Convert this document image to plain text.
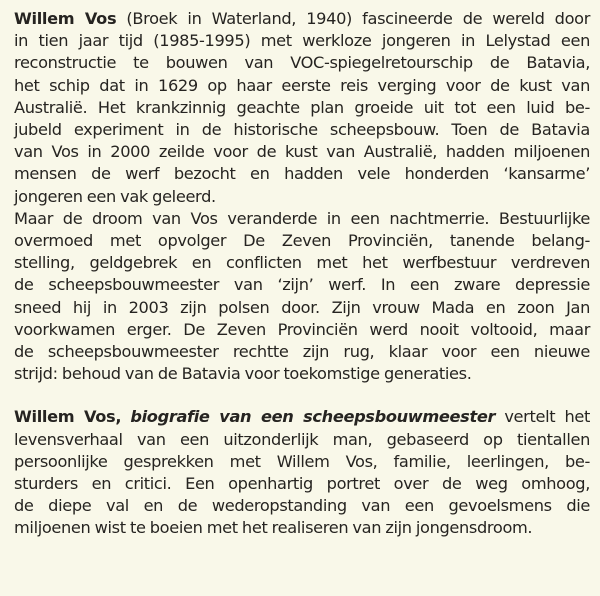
Willem Vos (Broek in Waterland, 1940) fascineerde de wereld door
in tien jaar tijd (1985-1995) met werkloze jongeren in Lelystad een
reconstructie te bouwen van VOC-spiegelretourschip de Batavia,
het schip dat in 1629 op haar eerste reis verging voor de kust van
Australië. Het krankzinnig geachte plan groeide uit tot een luid be-
jubeld experiment in de historische scheepsbouw. Toen de Batavia
van Vos in 2000 zeilde voor de kust van Australië, hadden miljoenen
mensen de werf bezocht en hadden vele honderden ‘kansarme’
jongeren een vak geleerd.

Maar de droom van Vos veranderde in een nachtmerrie. Bestuurlijke
overmoed met opvolger De Zeven Provinciën, tanende belang-
stelling, geldgebrek en conflicten met het werfbestuur verdreven
de scheepsbouwmeester van ‘zijn’ werf. In een zware depressie
sneed hij in 2003 zijn polsen door. Zijn vrouw Mada en zoon Jan
voorkwamen erger. De Zeven Provinciën werd nooit voltooid, maar
de scheepsbouwmeester rechtte zijn rug, klaar voor een nieuwe
strijd: behoud van de Batavia voor toekomstige generaties.

Willem Vos, biografie van een scheepsbouwmeester vertelt het
levensverhaal van een uitzonderlijk man, gebaseerd op tientallen
persoonlijke gesprekken met Willem Vos, familie, leerlingen, be-
sturders en critici. Een openhartig portret over de weg omhoog,
de diepe val en de wederopstanding van een gevoelsmens die
miljoenen wist te boeien met het realiseren van zijn jongensdroom.
